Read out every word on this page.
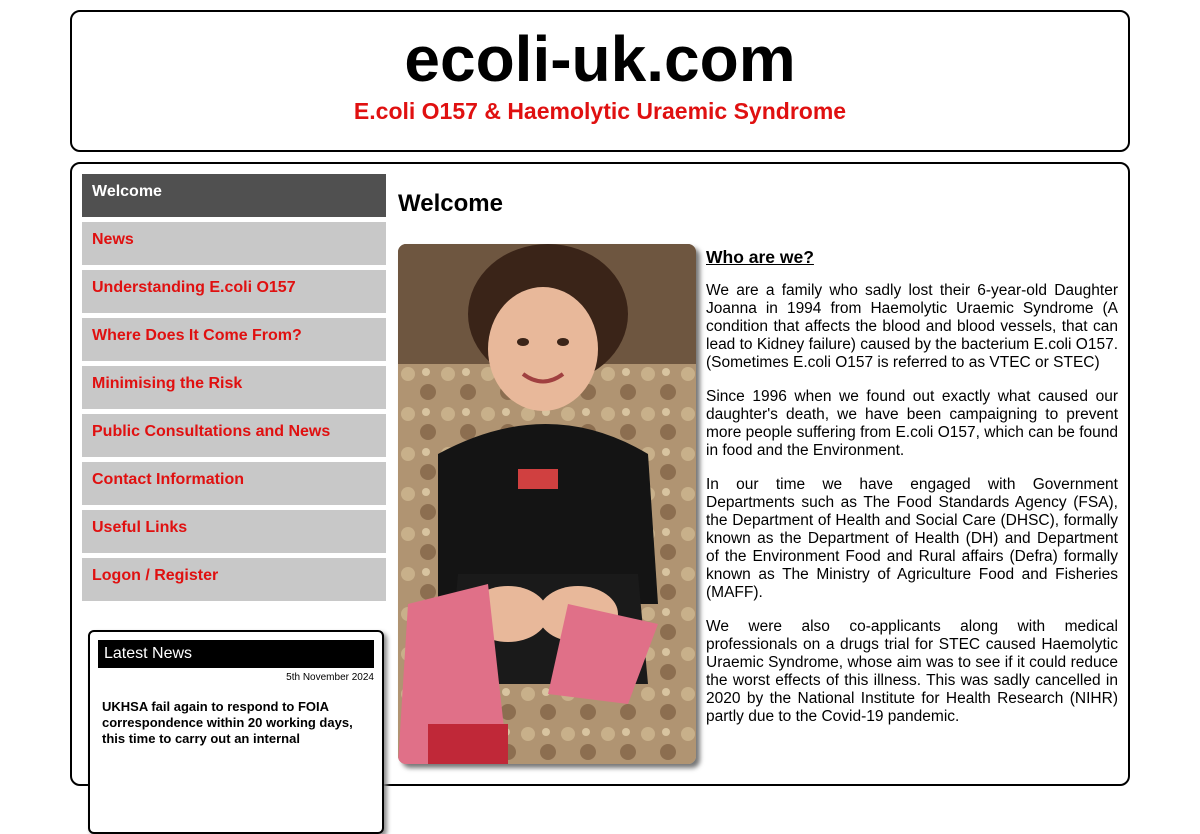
ecoli-uk.com
E.coli O157 & Haemolytic Uraemic Syndrome
Welcome
News
Understanding E.coli O157
Where Does It Come From?
Minimising the Risk
Public Consultations and News
Contact Information
Useful Links
Logon / Register
Latest News
5th November 2024
UKHSA fail again to respond to FOIA correspondence within 20 working days, this time to carry out an internal
Welcome
Who are we?

We are a family who sadly lost their 6-year-old Daughter Joanna in 1994 from Haemolytic Uraemic Syndrome (A condition that affects the blood and blood vessels, that can lead to Kidney failure) caused by the bacterium E.coli O157. (Sometimes E.coli O157 is referred to as VTEC or STEC)

Since 1996 when we found out exactly what caused our daughter's death, we have been campaigning to prevent more people suffering from E.coli O157, which can be found in food and the Environment.

In our time we have engaged with Government Departments such as The Food Standards Agency (FSA), the Department of Health and Social Care (DHSC), formally known as the Department of Health (DH) and Department of the Environment Food and Rural affairs (Defra) formally known as The Ministry of Agriculture Food and Fisheries (MAFF).

We were also co-applicants along with medical professionals on a drugs trial for STEC caused Haemolytic Uraemic Syndrome, whose aim was to see if it could reduce the worst effects of this illness. This was sadly cancelled in 2020 by the National Institute for Health Research (NIHR) partly due to the Covid-19 pandemic.
